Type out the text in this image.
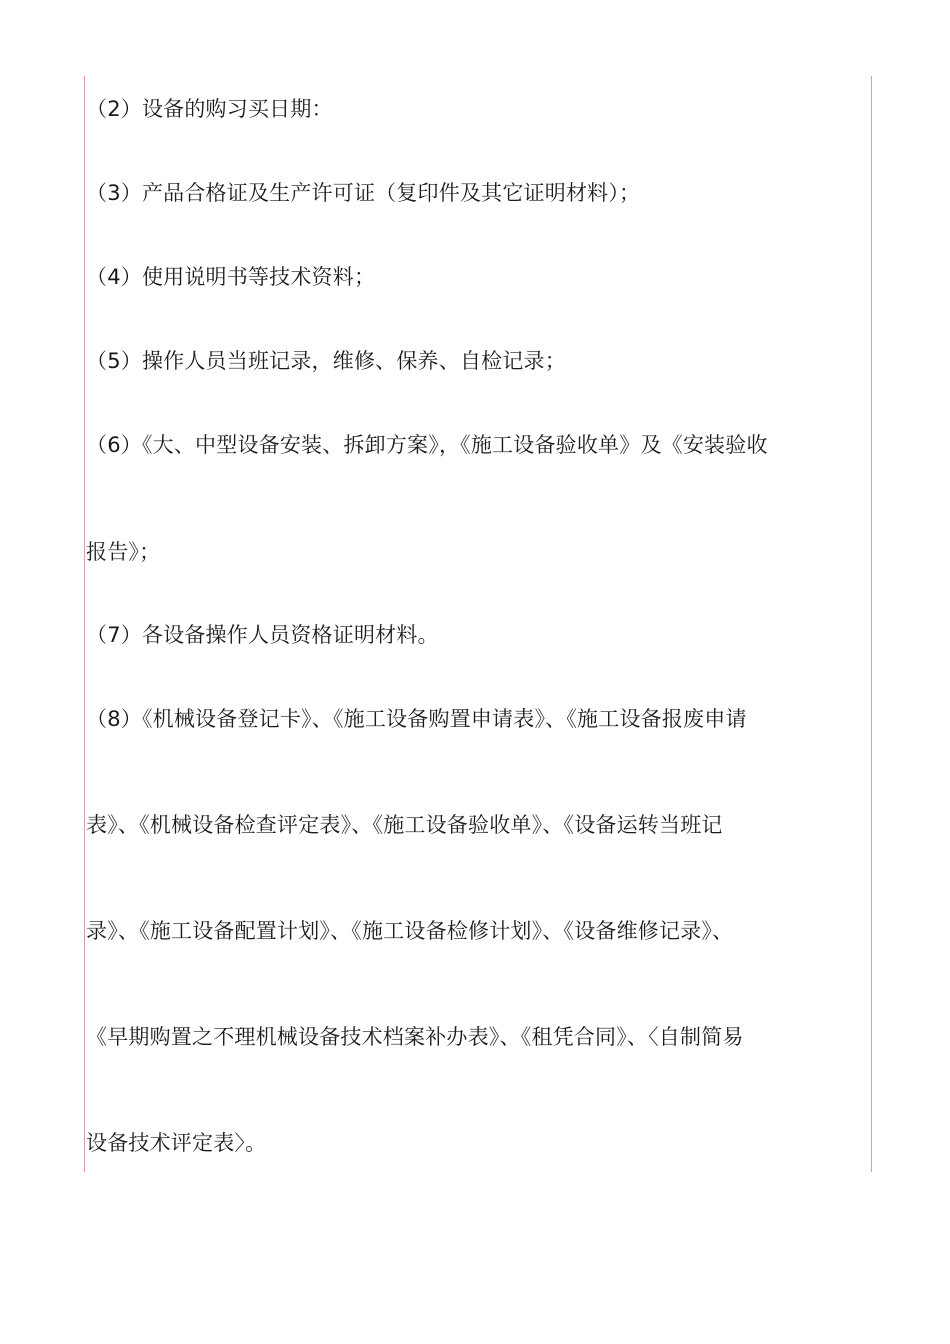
（2）设备的购习买日期：
（3）产品合格证及生产许可证（复印件及其它证明材料）；
（4）使用说明书等技术资料；
（5）操作人员当班记录，维修、保养、自检记录；
（6）《大、中型设备安装、拆卸方案》，《施工设备验收单》及《安装验收
报告》；
（7）各设备操作人员资格证明材料。
（8）《机械设备登记卡》、《施工设备购置申请表》、《施工设备报废申请
表》、《机械设备检查评定表》、《施工设备验收单》、《设备运转当班记
录》、《施工设备配置计划》、《施工设备检修计划》、《设备维修记录》、
《早期购置之不理机械设备技术档案补办表》、《租凭合同》、〈自制简易
设备技术评定表〉。
